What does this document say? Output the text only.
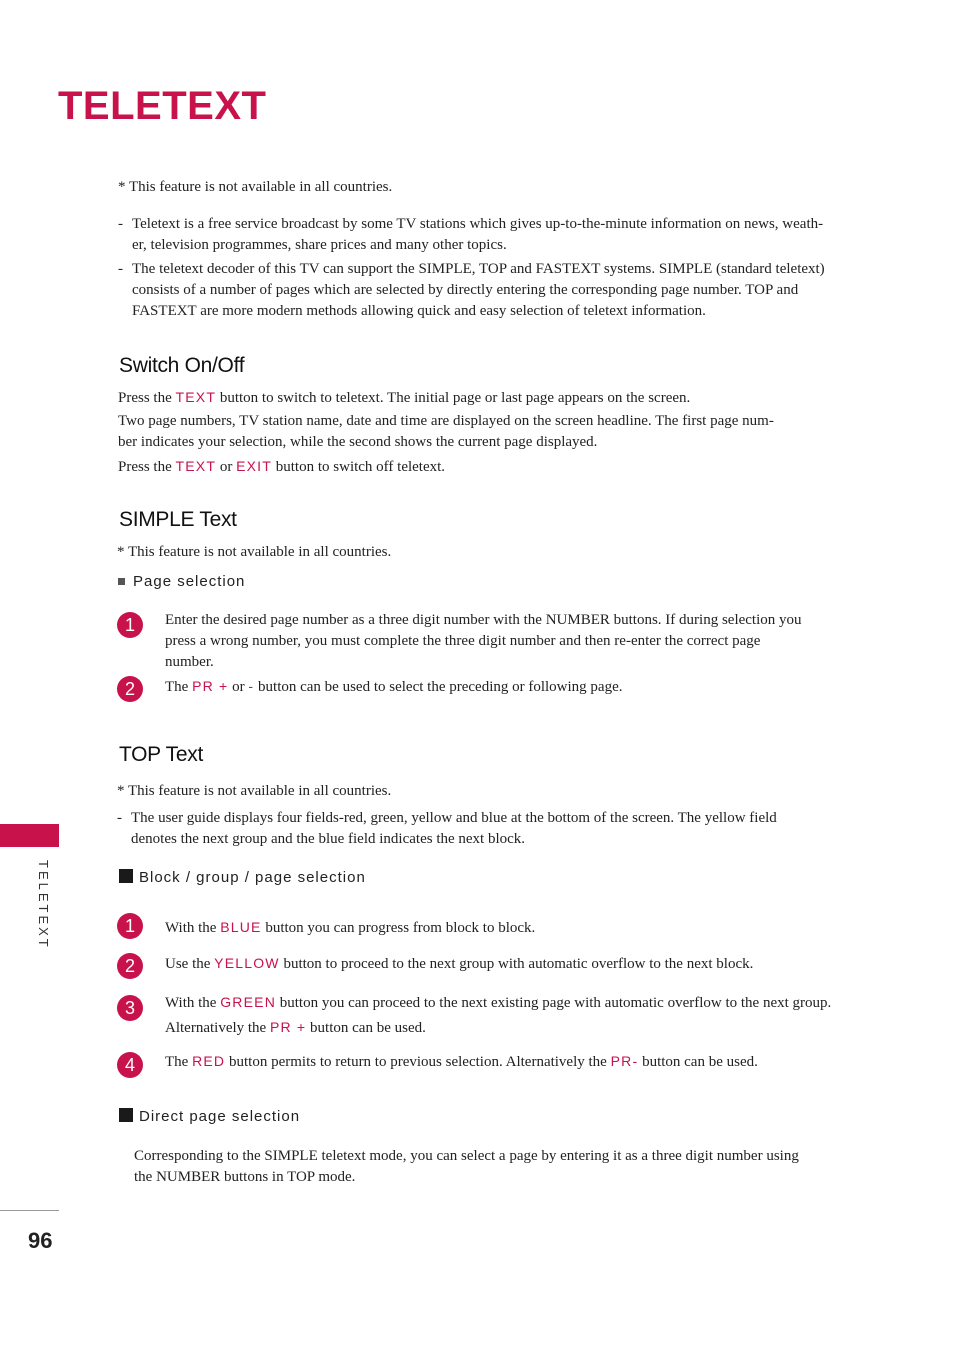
TELETEXT
* This feature is not available in all countries.
- Teletext is a free service broadcast by some TV stations which gives up-to-the-minute information on news, weath-
er, television programmes, share prices and many other topics.
- The teletext decoder of this TV can support the SIMPLE, TOP and FASTEXT systems. SIMPLE (standard teletext)
consists of a number of pages which are selected by directly entering the corresponding page number. TOP and
FASTEXT are more modern methods allowing quick and easy selection of teletext information.
Switch On/Off
Press the TEXT button to switch to teletext. The initial page or last page appears on the screen.
Two page numbers, TV station name, date and time are displayed on the screen headline. The first page num-
ber indicates your selection, while the second shows the current page displayed.
Press the TEXT or EXIT button to switch off teletext.
SIMPLE Text
* This feature is not available in all countries.
Page selection
1	Enter the desired page number as a three digit number with the NUMBER buttons. If during selection you
press a wrong number, you must complete the three digit number and then re-enter the correct page
number.
2	The PR + or - button can be used to select the preceding or following page.
TOP Text
* This feature is not available in all countries.
- The user guide displays four fields-red, green, yellow and blue at the bottom of the screen. The yellow field
denotes the next group and the blue field indicates the next block.
Block / group / page selection
1	With the BLUE button you can progress from block to block.
2	Use the YELLOW button to proceed to the next group with automatic overflow to the next block.
3	With the GREEN button you can proceed to the next existing page with automatic overflow to the next group.
Alternatively the PR + button can be used.
4	The RED button permits to return to previous selection. Alternatively the PR- button can be used.
Direct page selection
Corresponding to the SIMPLE teletext mode, you can select a page by entering it as a three digit number using
the NUMBER buttons in TOP mode.
TELETEXT
96
